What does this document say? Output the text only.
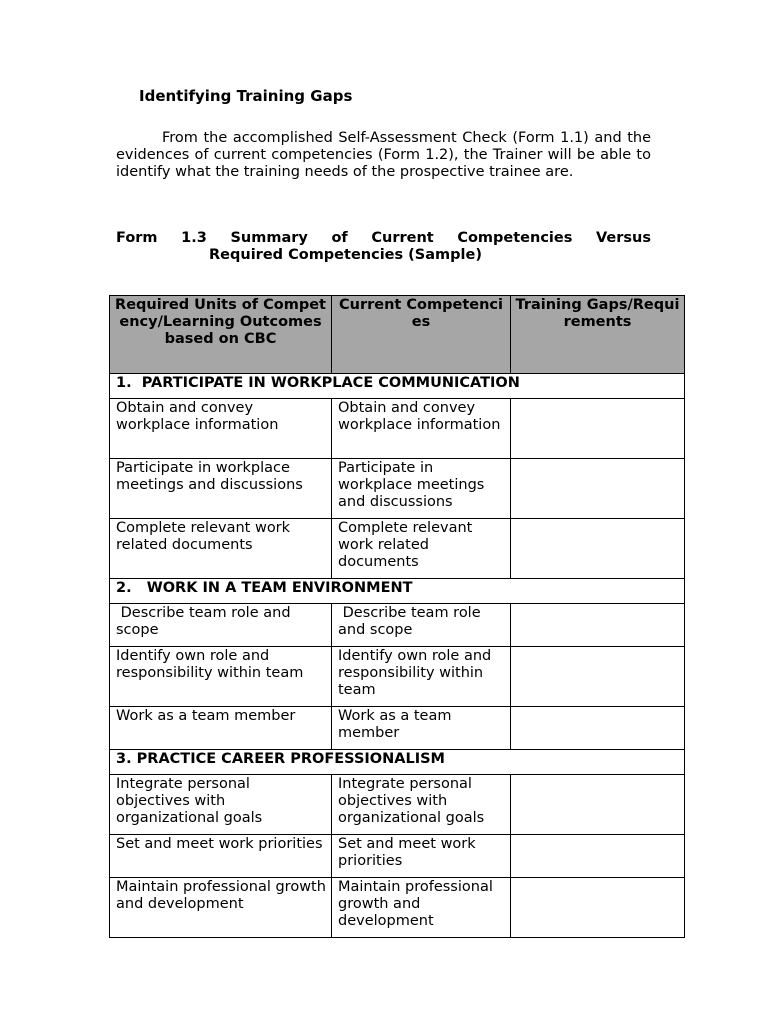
Identifying Training Gaps

From the accomplished Self-Assessment Check (Form 1.1) and the evidences of current competencies (Form 1.2), the Trainer will be able to identify what the training needs of the prospective trainee are.

Form 1.3 Summary of Current Competencies Versus
Required Competencies (Sample)

Required Units of Competency/Learning Outcomes based on CBC	Current Competencies	Training Gaps/Requirements
1.  PARTICIPATE IN WORKPLACE COMMUNICATION		
Obtain and convey workplace information	Obtain and convey workplace information	
Participate in workplace meetings and discussions	Participate in workplace meetings and discussions	
Complete relevant work related documents	Complete relevant work related documents	
2.   WORK IN A TEAM ENVIRONMENT		
Describe team role and scope	Describe team role and scope	
Identify own role and responsibility within team	Identify own role and responsibility within team	
Work as a team member	Work as a team member	
3. PRACTICE CAREER PROFESSIONALISM		
Integrate personal objectives with organizational goals	Integrate personal objectives with organizational goals	
Set and meet work priorities	Set and meet work priorities	
Maintain professional growth and development	Maintain professional growth and development	
